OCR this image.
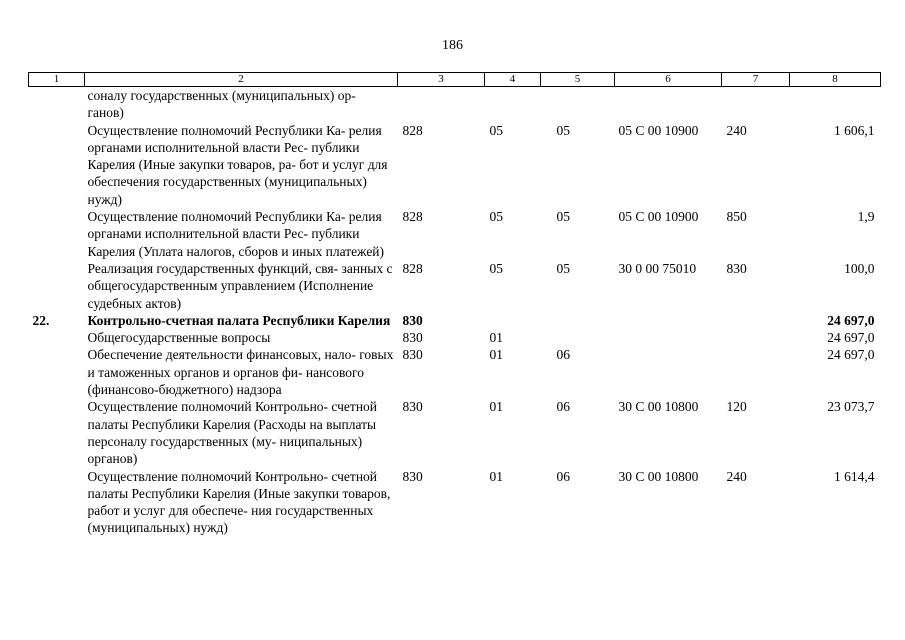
186
1	2	3	4	5	6	7	8
	соналу государственных (муниципальных) ор- ганов)						
	Осуществление полномочий Республики Ка- релия органами исполнительной власти Рес- публики Карелия (Иные закупки товаров, ра- бот и услуг для обеспечения государственных (муниципальных) нужд)	828	05	05	05 С 00 10900	240	1 606,1
	Осуществление полномочий Республики Ка- релия органами исполнительной власти Рес- публики Карелия (Уплата налогов, сборов и иных платежей)	828	05	05	05 С 00 10900	850	1,9
	Реализация государственных функций, свя- занных с общегосударственным управлением (Исполнение судебных актов)	828	05	05	30 0 00 75010	830	100,0
22.	Контрольно-счетная палата Республики Карелия	830					24 697,0
	Общегосударственные вопросы	830	01				24 697,0
	Обеспечение деятельности финансовых, нало- говых и таможенных органов и органов фи- нансового (финансово-бюджетного) надзора	830	01	06			24 697,0
	Осуществление полномочий Контрольно- счетной палаты Республики Карелия (Расходы на выплаты персоналу государственных (му- ниципальных) органов)	830	01	06	30 С 00 10800	120	23 073,7
	Осуществление полномочий Контрольно- счетной палаты Республики Карелия (Иные закупки товаров, работ и услуг для обеспече- ния государственных (муниципальных) нужд)	830	01	06	30 С 00 10800	240	1 614,4
